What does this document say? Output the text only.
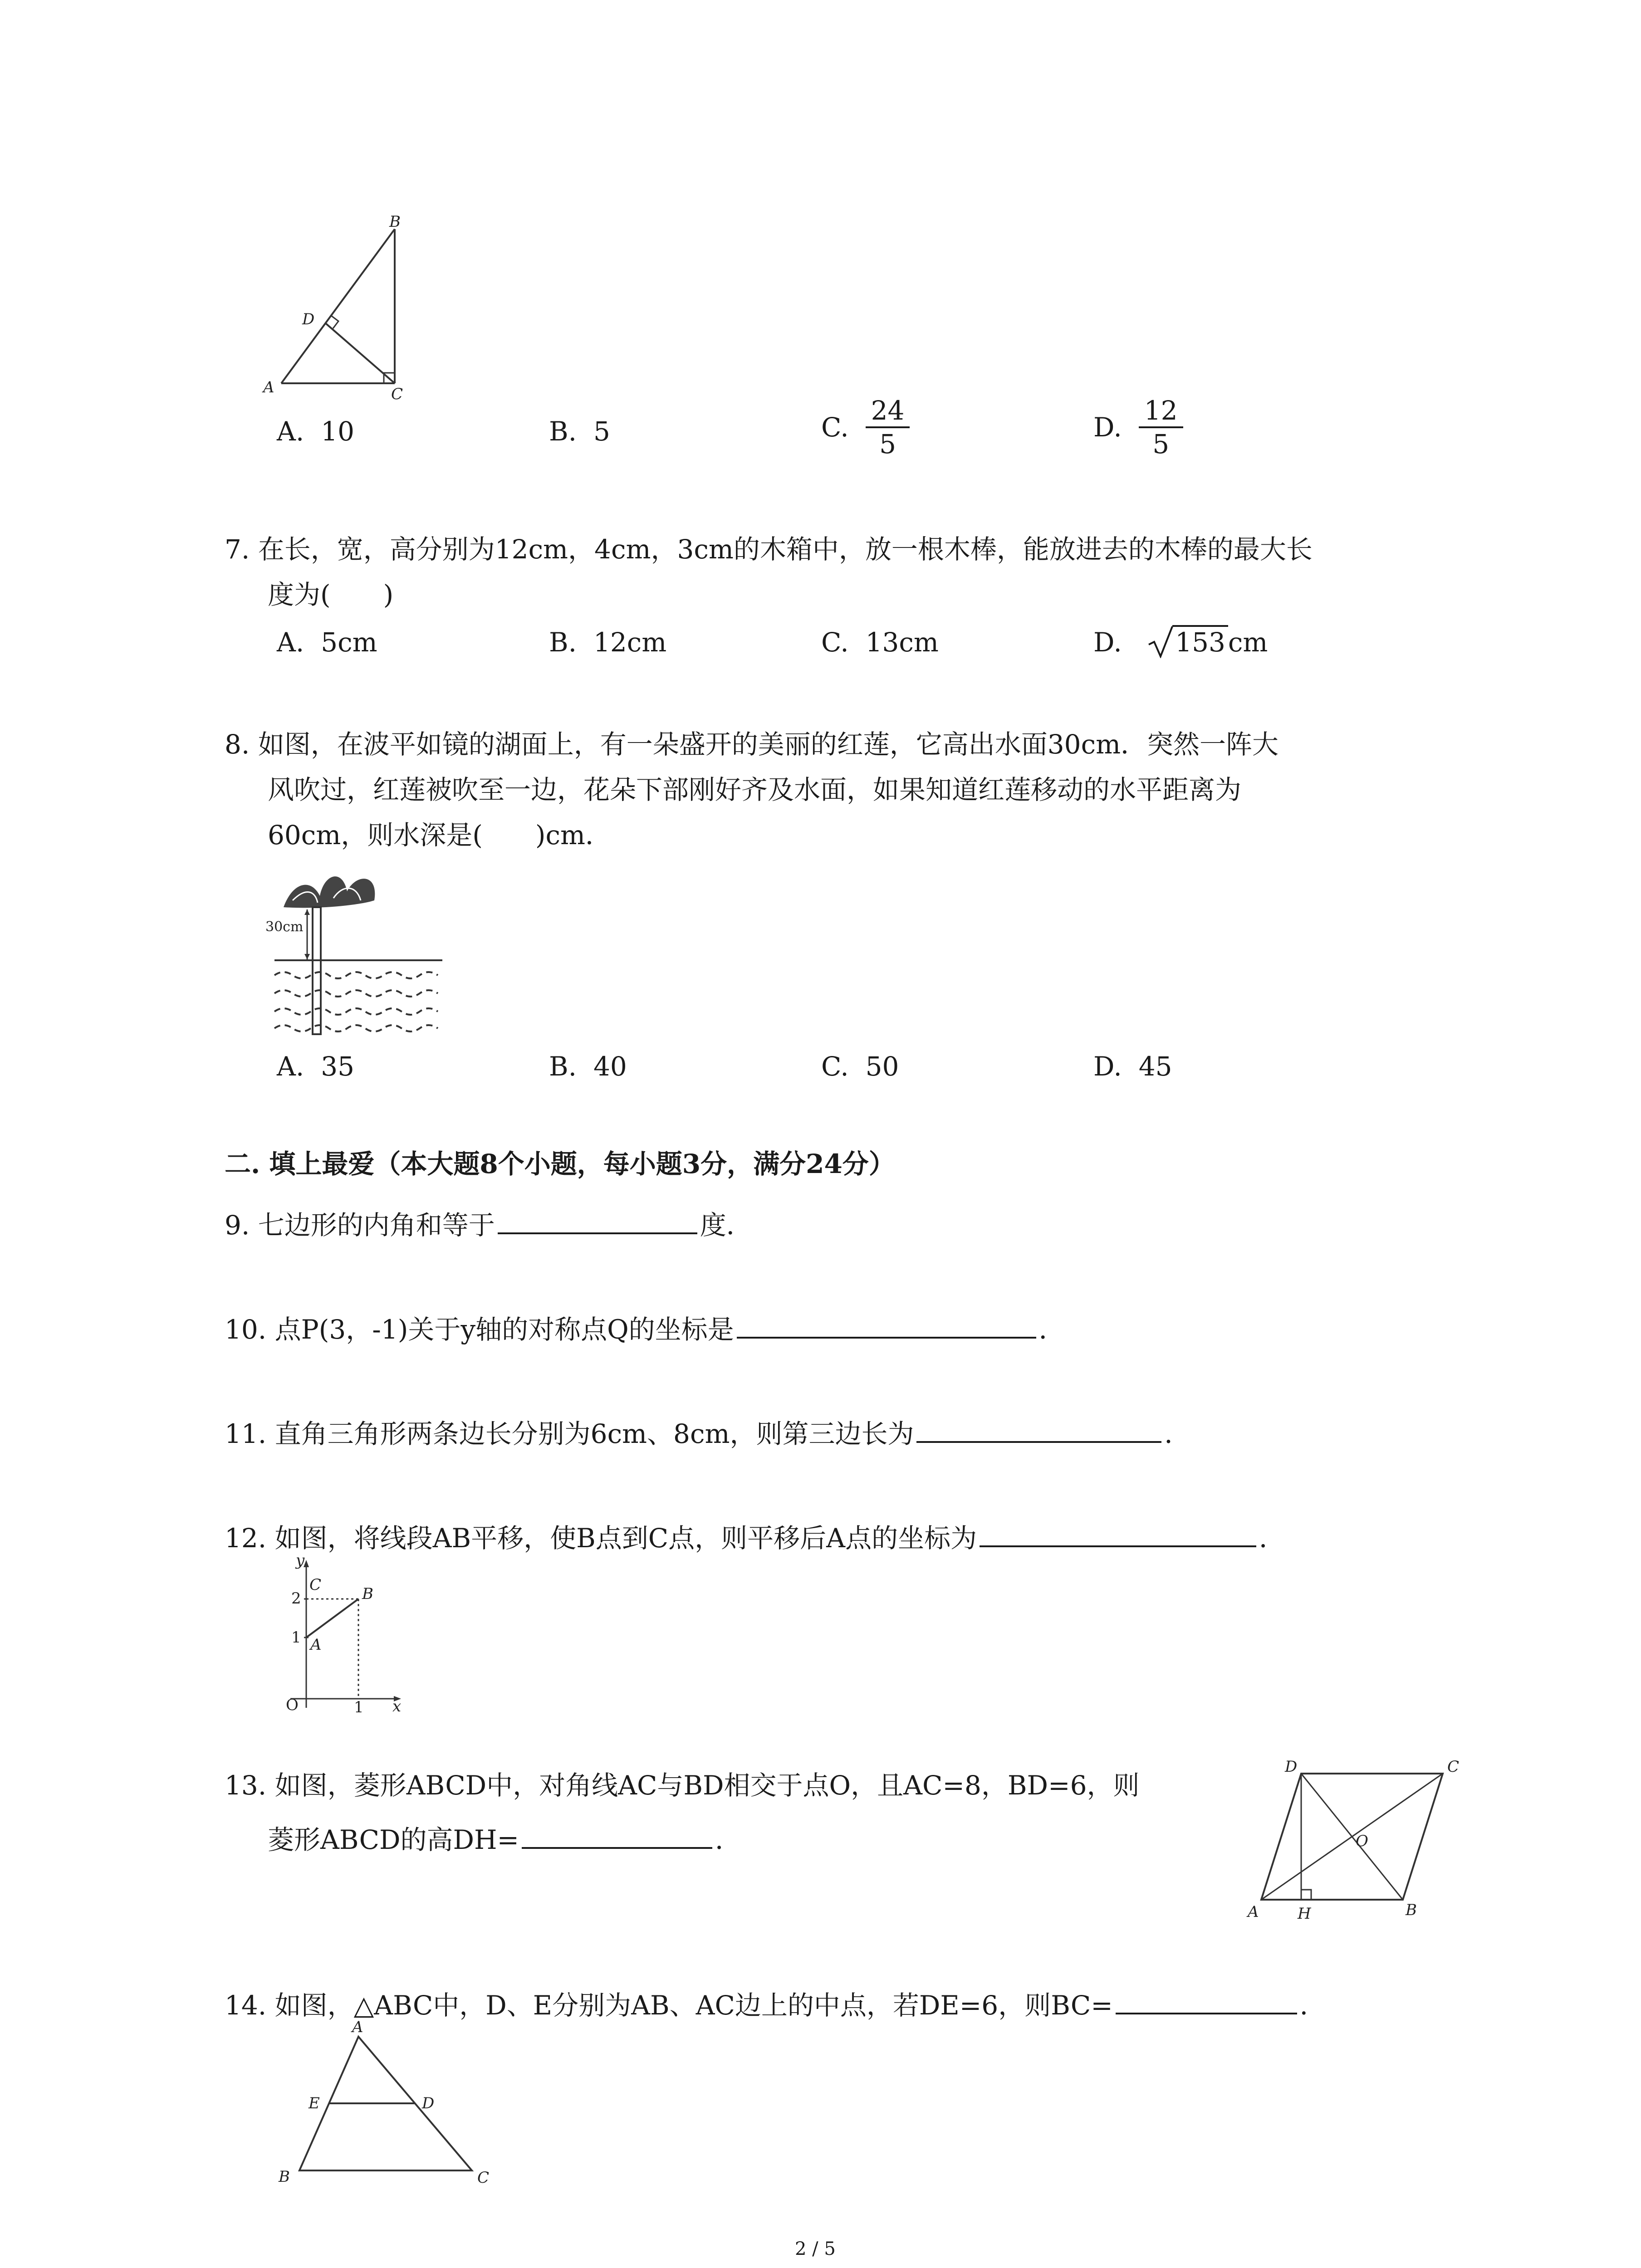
B
D
A	C
A. 10	B. 5	C.
$\frac{24}{5}$	D.
$\frac{12}{5}$
7. 在长，宽，高分别为12cm，4cm，3cm的木箱中，放一根木棒，能放进去的木棒的最大长
度为(　　)
A. 5cm	B. 12cm	C. 13cm	D. 153 cm
8. 如图，在波平如镜的湖面上，有一朵盛开的美丽的红莲，它高出水面30cm．突然一阵大
风吹过，红莲被吹至一边，花朵下部刚好齐及水面，如果知道红莲移动的水平距离为
60cm，则水深是(　　)cm．
30cm
A. 35	B. 40	C. 50	D. 45
二. 填上最爱（本大题8个小题，每小题3分，满分24分）
9. 七边形的内角和等于	度．
10. 点P(3，-1)关于y轴的对称点Q的坐标是	．
11. 直角三角形两条边长分别为6cm、8cm，则第三边长为	．
12. 如图，将线段AB平移，使B点到C点，则平移后A点的坐标为	．
y
x
O
2
1
1
C	B
A
13. 如图，菱形ABCD中，对角线AC与BD相交于点O，且AC=8，BD=6，则
菱形ABCD的高DH=	．
D	C
O
A	H	B
14. 如图，△ABC中，D、E分别为AB、AC边上的中点，若DE=6，则BC=	．
A
E	D
B	C
2 / 5
